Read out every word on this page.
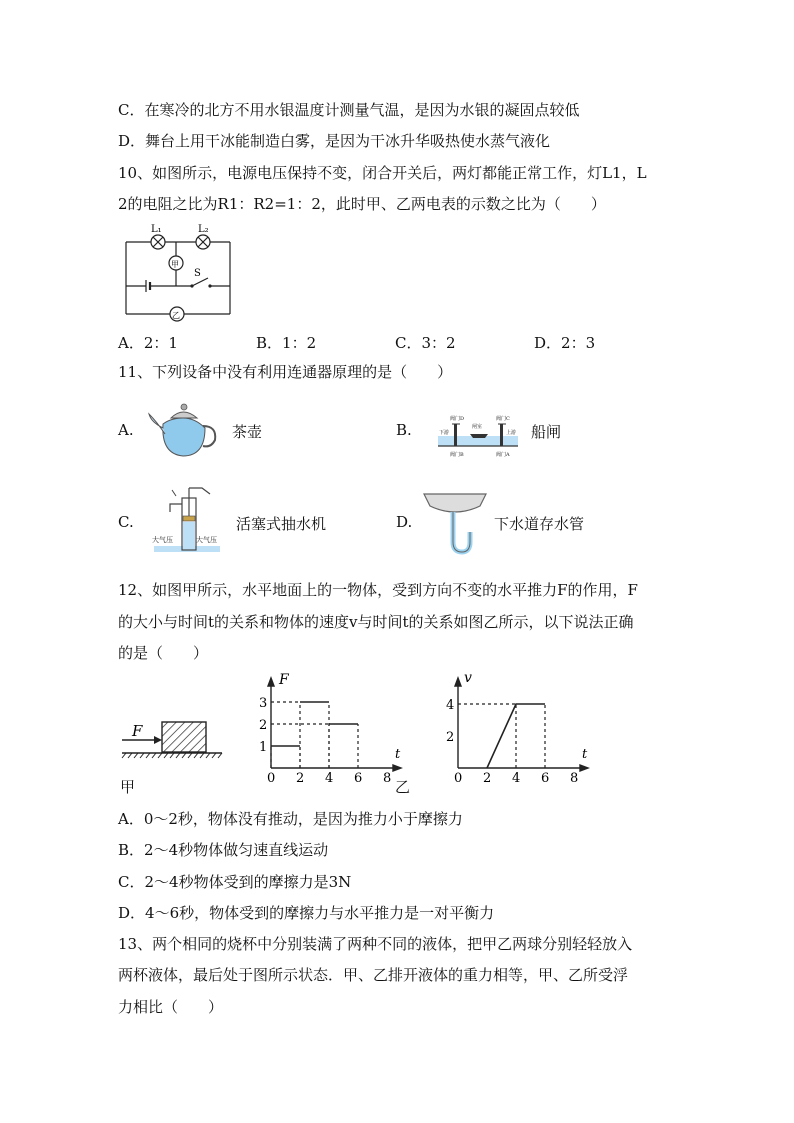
C．在寒冷的北方不用水银温度计测量气温，是因为水银的凝固点较低
D．舞台上用干冰能制造白雾，是因为干冰升华吸热使水蒸气液化
10、如图所示，电源电压保持不变，闭合开关后，两灯都能正常工作，灯L1，L
2的电阻之比为R1：R2=1：2，此时甲、乙两电表的示数之比为（　　）
L₁	L₂
甲
乙
S
A．2：1	B．1：2	C．3：2	D．2：3
11、下列设备中没有利用连通器原理的是（　　）
A.	茶壶	B.
阀门D	阀门C
闸室
下游	上游
阀门B	阀门A
船闸
C.
大气压	大气压
活塞式抽水机	D.	下水道存水管
12、如图甲所示，水平地面上的一物体，受到方向不变的水平推力F的作用，F
的大小与时间t的关系和物体的速度v与时间t的关系如图乙所示，以下说法正确
的是（　　）
F
甲	乙
F
t
0 2 4 6 8
1
2
3
v
t
0 2 4 6 8
2
4
A．0～2秒，物体没有推动，是因为推力小于摩擦力
B．2～4秒物体做匀速直线运动
C．2～4秒物体受到的摩擦力是3N
D．4～6秒，物体受到的摩擦力与水平推力是一对平衡力
13、两个相同的烧杯中分别装满了两种不同的液体，把甲乙两球分别轻轻放入
两杯液体，最后处于图所示状态．甲、乙排开液体的重力相等，甲、乙所受浮
力相比（　　）
